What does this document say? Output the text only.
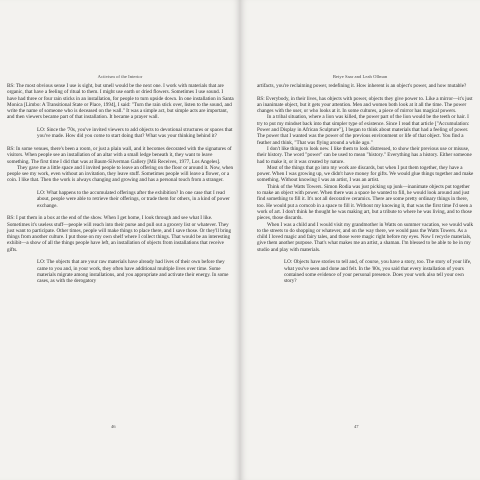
Activism of the Interior

BS: The most obvious sense I use is sight, but smell would be the next one. I work with materials that are organic, that have a feeling of ritual to them. I might use earth or dried flowers. Sometimes I use sound. I have had three or four rain sticks in an installation, for people to turn upside down. In one installation in Santa Monica [Limbo: A Transitional State or Place, 1994], I said: "Turn the rain stick over, listen to the sound, and write the name of someone who is deceased on the wall." It was a simple act, but simple acts are important, and then viewers became part of that installation. It became a prayer wall.

LO: Since the '70s, you've invited viewers to add objects to devotional structures or spaces that you've made. How did you come to start doing that? What was your thinking behind it?

BS: In some venues, there's been a room, or just a plain wall, and it becomes decorated with the signatures of visitors. When people see an installation of an altar with a small ledge beneath it, they want to leave something. The first time I did that was at Baum-Silverman Gallery [Mii Receives, 1977, Los Angeles].

They gave me a little space and I invited people to leave an offering on the floor or around it. Now, when people see my work, even without an invitation, they leave stuff. Sometimes people will leave a flower, or a coin. I like that. Then the work is always changing and growing and has a personal touch from a stranger.

LO: What happens to the accumulated offerings after the exhibition? In one case that I read about, people were able to retrieve their offerings, or trade them for others, in a kind of power exchange.

BS: I put them in a box at the end of the show. When I get home, I look through and see what I like. Sometimes it's useless stuff—people will reach into their purse and pull out a grocery list or whatever. They just want to participate. Other times, people will make things to place there, and I save those. Or they'll bring things from another culture. I put those on my own shelf where I collect things. That would be an interesting exhibit—a show of all the things people have left, an installation of objects from installations that receive gifts.

LO: The objects that are your raw materials have already had lives of their own before they came to you and, in your work, they often have additional multiple lives over time. Some materials migrate among installations, and you appropriate and activate their energy. In some cases, as with the derogatory

46
Betye Saar and Leah Ollman

artifacts, you're reclaiming power, redefining it. How inherent is an object's power, and how mutable?

BS: Everybody, in their lives, has objects with power, objects they give power to. Like a mirror—it's just an inanimate object, but it gets your attention. Men and women both look at it all the time. The power changes with the user, or who looks at it. In some cultures, a piece of mirror has magical powers.

In a tribal situation, where a lion was killed, the power part of the lion would be the teeth or hair. I try to put my mindset back into that simpler type of existence. Since I read that article ["Accumulation: Power and Display in African Sculpture"], I began to think about materials that had a feeling of power. The power that I wanted was the power of the previous environment or life of that object. You find a feather and think, "That was flying around a while ago."

I don't like things to look new. I like them to look distressed, to show their previous use or misuse, their history. The word "power" can be used to mean "history." Everything has a history. Either someone had to make it, or it was created by nature.

Most of the things that go into my work are discards, but when I put them together, they have a power. When I was growing up, we didn't have money for gifts. We would glue things together and make something. Without knowing I was an artist, I was an artist.

Think of the Watts Towers. Simon Rodia was just picking up junk—inanimate objects put together to make an object with power. When there was a space he wanted to fill, he would look around and just find something to fill it. It's not all decorative ceramics. There are some pretty ordinary things in there, too. He would put a corncob in a space to fill it. Without my knowing it, that was the first time I'd seen a work of art. I don't think he thought he was making art, but a tribute to where he was living, and to those pieces, those discards.

When I was a child and I would visit my grandmother in Watts on summer vacation, we would walk to the streets to do shopping or whatever, and on the way there, we would pass the Watts Towers. As a child I loved magic and fairy tales, and those were magic right before my eyes. Now I recycle materials, give them another purpose. That's what makes me an artist, a shaman. I'm blessed to be able to be in my studio and play with materials.

LO: Objects have stories to tell and, of course, you have a story, too. The story of your life, what you've seen and done and felt. In the '80s, you said that every installation of yours contained some evidence of your personal presence. Does your work also tell your own story?

47
